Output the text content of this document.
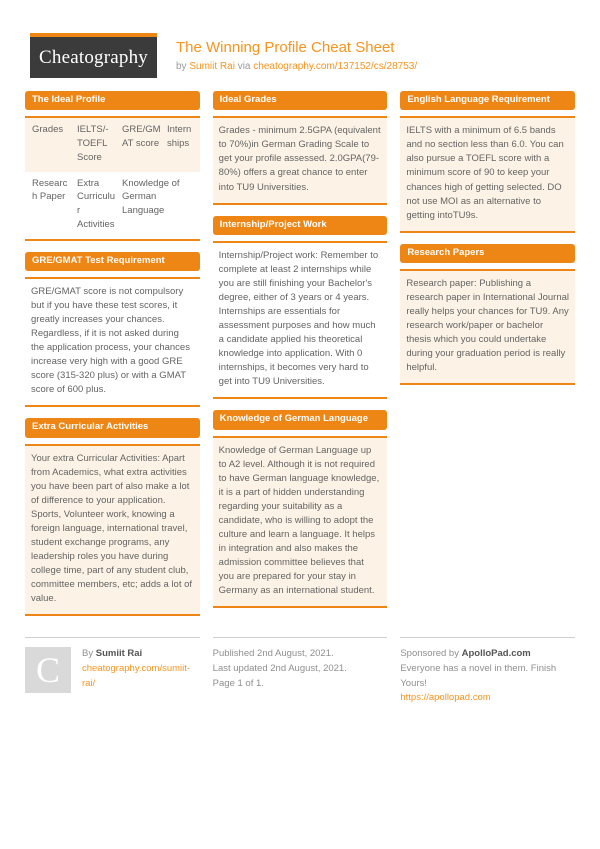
Cheatography The Winning Profile Cheat Sheet
by Sumiit Rai via cheatography.com/137152/cs/28753/
The Ideal Profile
Grades	IELTS/-TOEFL Score
GRE/GMAT score
Internships
Research Paper
Extra Curriculur Activities
Knowledge of German Language
GRE/GMAT Test Requirement
GRE/GMAT score is not compulsory but if you have these test scores, it greatly increases your chances. Regardless, if it is not asked during the application process, your chances increase very high with a good GRE score (315-320 plus) or with a GMAT score of 600 plus.
Extra Curricular Activities
Your extra Curricular Activities: Apart from Academics, what extra activities you have been part of also make a lot of difference to your application. Sports, Volunteer work, knowing a foreign language, international travel, student exchange programs, any leadership roles you have during college time, part of any student club, committee members, etc; adds a lot of value.
Ideal Grades
Grades - minimum 2.5GPA (equivalent to 70%)in German Grading Scale to get your profile assessed. 2.0GPA(79-80%) offers a great chance to enter into TU9 Universities.
Internship/Project Work
Internship/Project work: Remember to complete at least 2 internships while you are still finishing your Bachelor's degree, either of 3 years or 4 years. Internships are essentials for assessment purposes and how much a candidate applied his theoretical knowledge into application. With 0 internships, it becomes very hard to get into TU9 Universities.
Knowledge of German Language
Knowledge of German Language up to A2 level. Although it is not required to have German language knowledge, it is a part of hidden understanding regarding your suitability as a candidate, who is willing to adopt the culture and learn a language. It helps in integration and also makes the admission committee believes that you are prepared for your stay in Germany as an international student.
English Language Requirement
IELTS with a minimum of 6.5 bands and no section less than 6.0. You can also pursue a TOEFL score with a minimum score of 90 to keep your chances high of getting selected. DO not use MOI as an alternative to getting intoTU9s.
Research Papers
Research paper: Publishing a research paper in International Journal really helps your chances for TU9. Any research work/paper or bachelor thesis which you could undertake during your graduation period is really helpful.
C By Sumiit Rai
cheatography.com/sumiit-rai/
Published 2nd August, 2021.
Last updated 2nd August, 2021.
Page 1 of 1.
Sponsored by ApolloPad.com
Everyone has a novel in them. Finish
Yours!
https://apollopad.com
